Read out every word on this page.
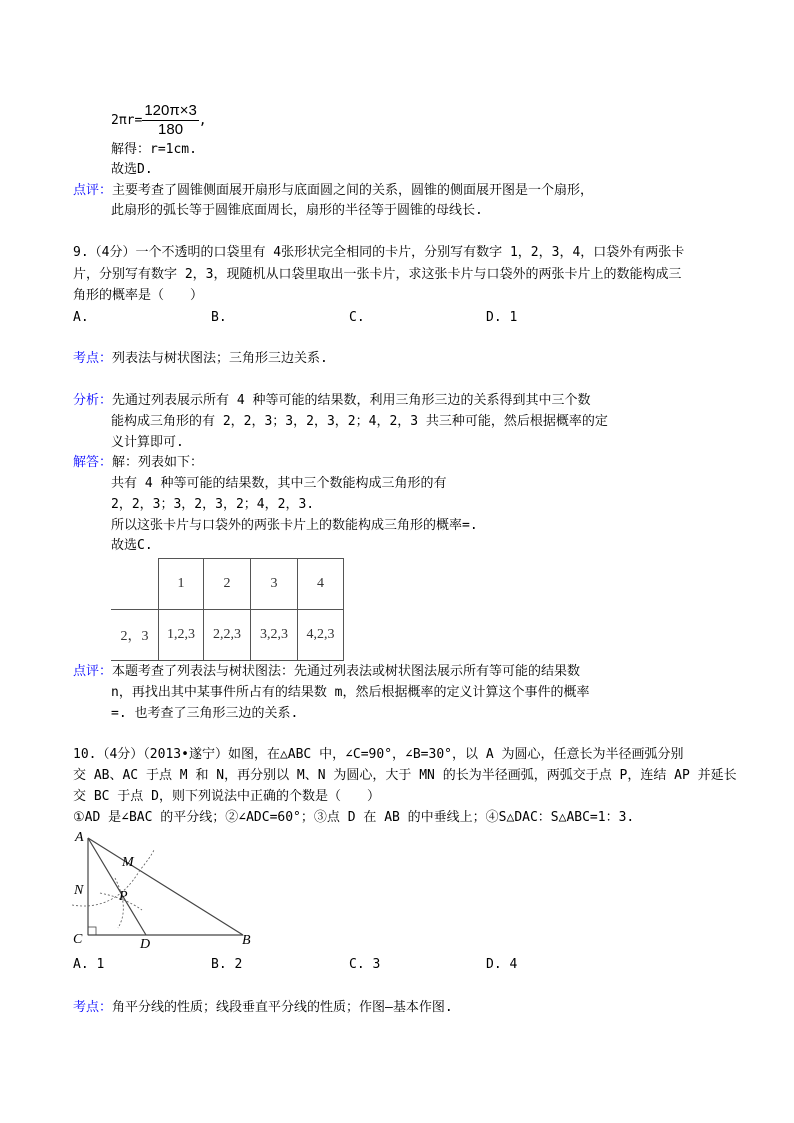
$2\pi r= \frac{120\pi\times 3}{180}$ ,
解得：r=1cm.
故选D.
点评：主要考查了圆锥侧面展开扇形与底面圆之间的关系，圆锥的侧面展开图是一个扇形，
此扇形的弧长等于圆锥底面周长，扇形的半径等于圆锥的母线长.
9.（4分）一个不透明的口袋里有 4张形状完全相同的卡片，分别写有数字 1，2，3，4，口袋外有两张卡
片，分别写有数字 2，3，现随机从口袋里取出一张卡片，求这张卡片与口袋外的两张卡片上的数能构成三
角形的概率是（　　）
A.	B.	C.	D. 1
考点：列表法与树状图法；三角形三边关系.
分析：先通过列表展示所有 4 种等可能的结果数，利用三角形三边的关系得到其中三个数
能构成三角形的有 2，2，3；3，2，3，2；4，2，3 共三种可能，然后根据概率的定
义计算即可.
解答：解：列表如下：
共有 4 种等可能的结果数，其中三个数能构成三角形的有
2，2，3；3，2，3，2；4，2，3.
所以这张卡片与口袋外的两张卡片上的数能构成三角形的概率=.
故选C.
	1	2	3	4
2，3	1,2,3	2,2,3	3,2,3	4,2,3
点评：本题考查了列表法与树状图法：先通过列表法或树状图法展示所有等可能的结果数
n，再找出其中某事件所占有的结果数 m，然后根据概率的定义计算这个事件的概率
=. 也考查了三角形三边的关系.
10.（4分）（2013•遂宁）如图，在△ABC 中，∠C=90°，∠B=30°，以 A 为圆心，任意长为半径画弧分别
交 AB、AC 于点 M 和 N，再分别以 M、N 为圆心，大于 MN 的长为半径画弧，两弧交于点 P，连结 AP 并延长
交 BC 于点 D，则下列说法中正确的个数是（　　）
①AD 是∠BAC 的平分线；②∠ADC=60°；③点 D 在 AB 的中垂线上；④S△DAC：S△ABC=1：3.
A
M
N	P
C	D	B
A. 1	B. 2	C. 3	D. 4
考点：角平分线的性质；线段垂直平分线的性质；作图—基本作图.
